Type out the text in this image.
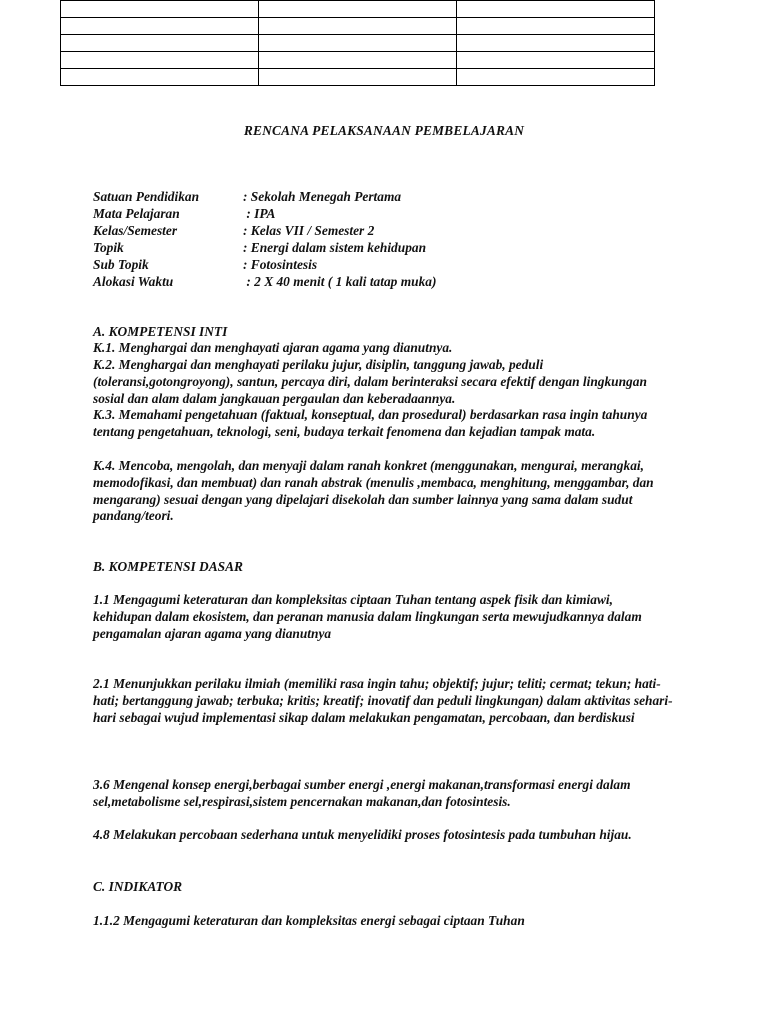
RENCANA PELAKSANAAN PEMBELAJARAN
Satuan Pendidikan	: Sekolah Menegah Pertama
Mata Pelajaran	: IPA
Kelas/Semester	: Kelas VII / Semester 2
Topik	: Energi dalam sistem kehidupan
Sub Topik	: Fotosintesis
Alokasi Waktu	: 2 X 40 menit ( 1 kali tatap muka)
A. KOMPETENSI INTI
K.1. Menghargai dan menghayati ajaran agama yang dianutnya.
K.2. Menghargai dan menghayati perilaku jujur, disiplin, tanggung jawab, peduli (toleransi,gotongroyong), santun, percaya diri, dalam berinteraksi secara efektif dengan lingkungan sosial dan alam dalam jangkauan pergaulan dan keberadaannya.
K.3. Memahami pengetahuan (faktual, konseptual, dan prosedural) berdasarkan rasa ingin tahunya tentang pengetahuan, teknologi, seni, budaya terkait fenomena dan kejadian tampak mata.
K.4. Mencoba, mengolah, dan menyaji dalam ranah konkret (menggunakan, mengurai, merangkai, memodofikasi, dan membuat) dan ranah abstrak (menulis ,membaca, menghitung, menggambar, dan mengarang) sesuai dengan yang dipelajari disekolah dan sumber lainnya yang sama dalam sudut pandang/teori.
B. KOMPETENSI DASAR
1.1 Mengagumi keteraturan dan kompleksitas ciptaan Tuhan tentang aspek fisik dan kimiawi, kehidupan dalam ekosistem, dan peranan manusia dalam lingkungan serta mewujudkannya dalam pengamalan ajaran agama yang dianutnya
2.1 Menunjukkan perilaku ilmiah (memiliki rasa ingin tahu; objektif; jujur; teliti; cermat; tekun; hati-hati; bertanggung jawab; terbuka; kritis; kreatif; inovatif dan peduli lingkungan) dalam aktivitas sehari-hari sebagai wujud implementasi sikap dalam melakukan pengamatan, percobaan, dan berdiskusi
3.6 Mengenal konsep energi,berbagai sumber energi ,energi makanan,transformasi energi dalam sel,metabolisme sel,respirasi,sistem pencernakan makanan,dan fotosintesis.
4.8 Melakukan percobaan sederhana untuk menyelidiki proses fotosintesis pada tumbuhan hijau.
C. INDIKATOR
1.1.2 Mengagumi keteraturan dan kompleksitas energi sebagai ciptaan Tuhan
